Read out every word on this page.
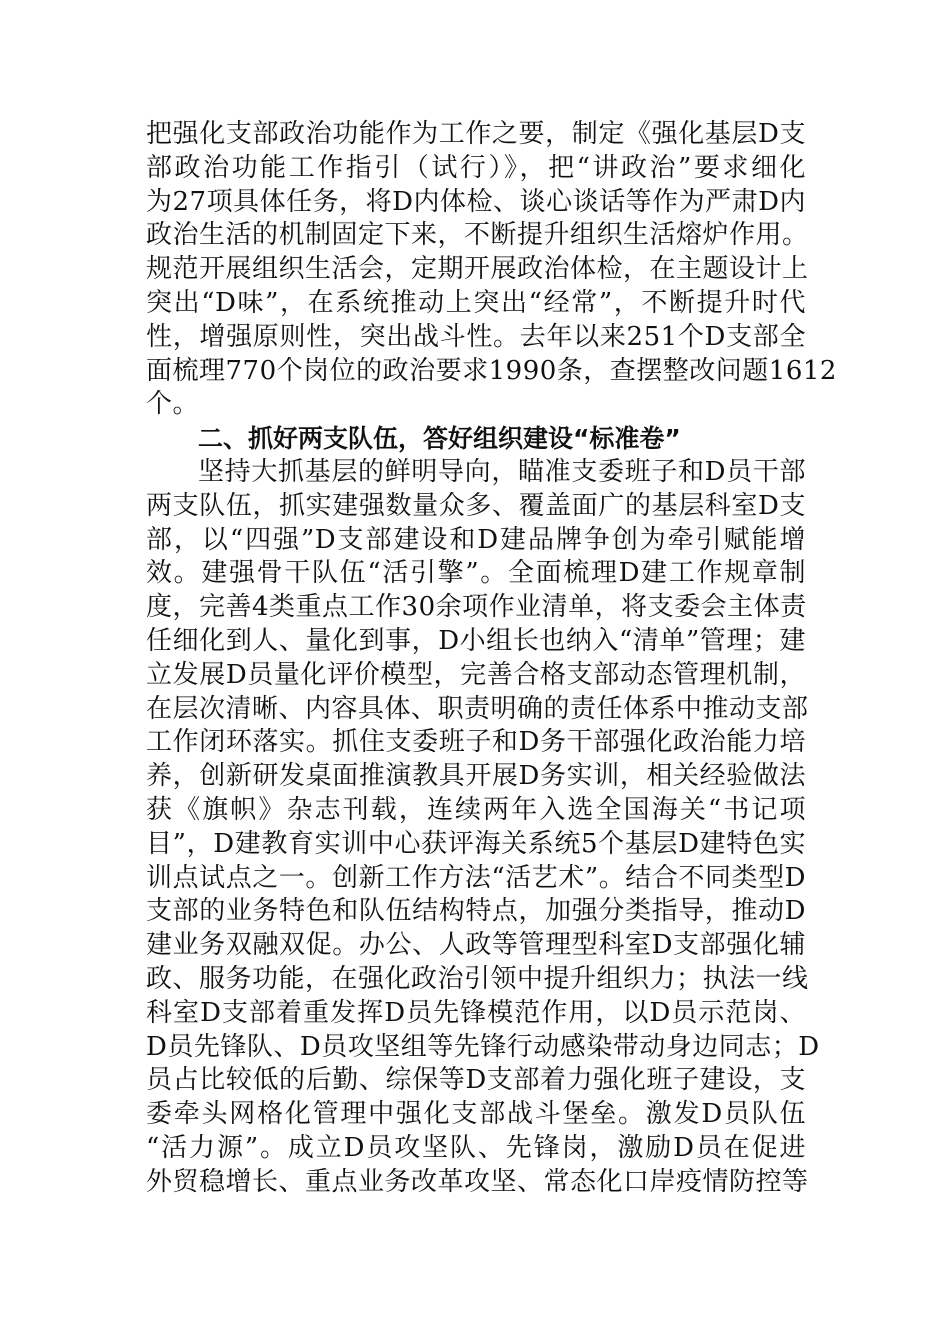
把强化支部政治功能作为工作之要，制定《强化基层D支
部政治功能工作指引（试行）》，把“讲政治”要求细化
为27项具体任务，将D内体检、谈心谈话等作为严肃D内
政治生活的机制固定下来，不断提升组织生活熔炉作用。
规范开展组织生活会，定期开展政治体检，在主题设计上
突出“D味”，在系统推动上突出“经常”，不断提升时代
性，增强原则性，突出战斗性。去年以来251个D支部全
面梳理770个岗位的政治要求1990条，查摆整改问题1612
个。
二、抓好两支队伍，答好组织建设“标准卷”
坚持大抓基层的鲜明导向，瞄准支委班子和D员干部
两支队伍，抓实建强数量众多、覆盖面广的基层科室D支
部，以“四强”D支部建设和D建品牌争创为牵引赋能增
效。建强骨干队伍“活引擎”。全面梳理D建工作规章制
度，完善4类重点工作30余项作业清单，将支委会主体责
任细化到人、量化到事，D小组长也纳入“清单”管理；建
立发展D员量化评价模型，完善合格支部动态管理机制，
在层次清晰、内容具体、职责明确的责任体系中推动支部
工作闭环落实。抓住支委班子和D务干部强化政治能力培
养，创新研发桌面推演教具开展D务实训，相关经验做法
获《旗帜》杂志刊载，连续两年入选全国海关“书记项
目”，D建教育实训中心获评海关系统5个基层D建特色实
训点试点之一。创新工作方法“活艺术”。结合不同类型D
支部的业务特色和队伍结构特点，加强分类指导，推动D
建业务双融双促。办公、人政等管理型科室D支部强化辅
政、服务功能，在强化政治引领中提升组织力；执法一线
科室D支部着重发挥D员先锋模范作用，以D员示范岗、
D员先锋队、D员攻坚组等先锋行动感染带动身边同志；D
员占比较低的后勤、综保等D支部着力强化班子建设，支
委牵头网格化管理中强化支部战斗堡垒。激发D员队伍
“活力源”。成立D员攻坚队、先锋岗，激励D员在促进
外贸稳增长、重点业务改革攻坚、常态化口岸疫情防控等
